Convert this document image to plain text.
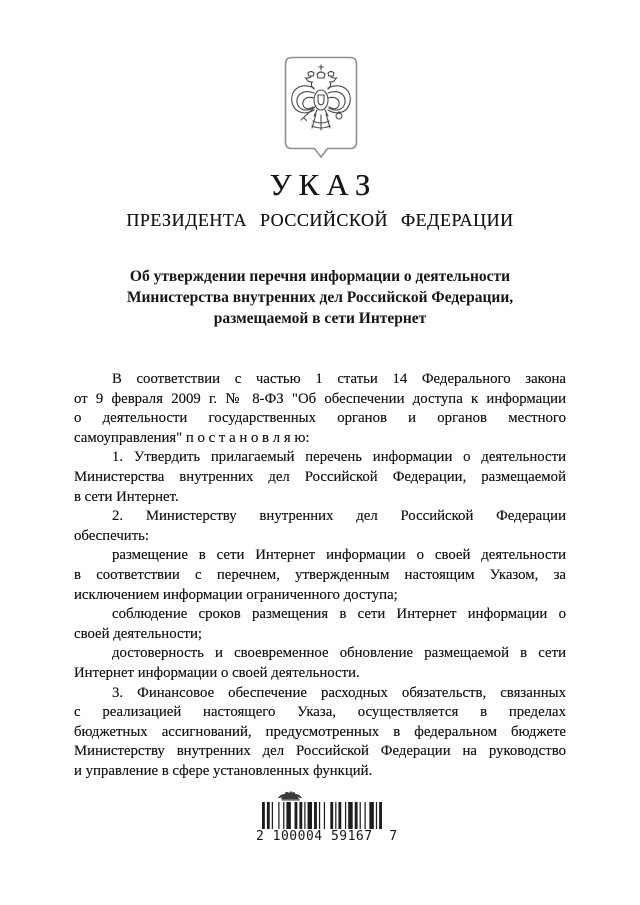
УКАЗ
ПРЕЗИДЕНТА РОССИЙСКОЙ ФЕДЕРАЦИИ
Об утверждении перечня информации о деятельности
Министерства внутренних дел Российской Федерации,
размещаемой в сети Интернет
В соответствии с частью 1 статьи 14 Федерального закона
от 9 февраля 2009 г. № 8-ФЗ "Об обеспечении доступа к информации
о деятельности государственных органов и органов местного
самоуправления" п о с т а н о в л я ю:
1. Утвердить прилагаемый перечень информации о деятельности
Министерства внутренних дел Российской Федерации, размещаемой
в сети Интернет.
2. Министерству внутренних дел Российской Федерации
обеспечить:
размещение в сети Интернет информации о своей деятельности
в соответствии с перечнем, утвержденным настоящим Указом, за
исключением информации ограниченного доступа;
соблюдение сроков размещения в сети Интернет информации о
своей деятельности;
достоверность и своевременное обновление размещаемой в сети
Интернет информации о своей деятельности.
3. Финансовое обеспечение расходных обязательств, связанных
с реализацией настоящего Указа, осуществляется в пределах
бюджетных ассигнований, предусмотренных в федеральном бюджете
Министерству внутренних дел Российской Федерации на руководство
и управление в сфере установленных функций.
2 100004 59167  7
